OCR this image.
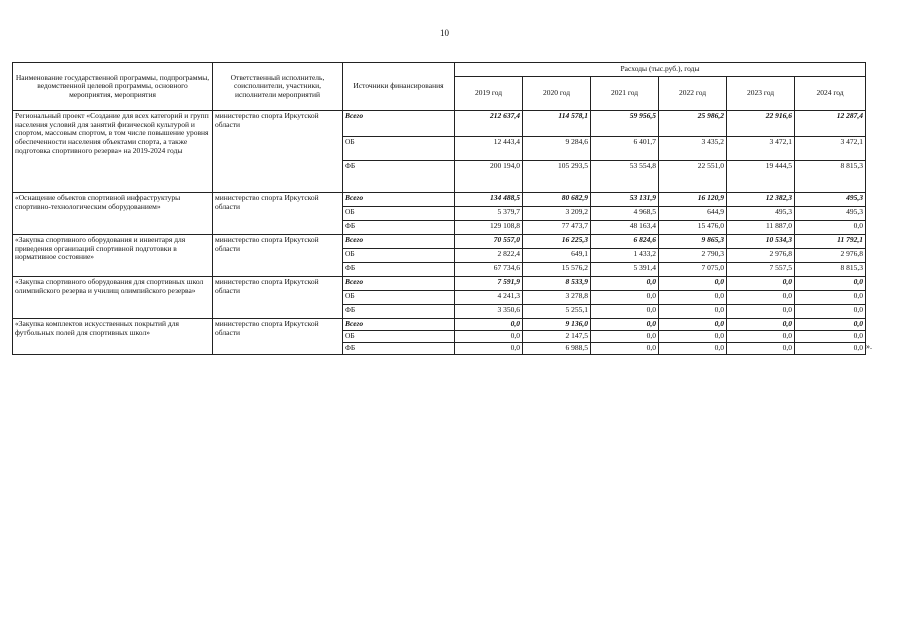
10
Наименование государственной программы, подпрограммы, ведомственной целевой программы, основного мероприятия, мероприятия	Ответственный исполнитель, соисполнители, участники, исполнители мероприятий	Источники финансирования	Расходы (тыс.руб.), годы					
			2019 год	2020 год	2021 год	2022 год	2023 год	2024 год
Региональный проект «Создание для всех категорий и групп населения условий для занятий физической культурой и спортом, массовым спортом, в том числе повышение уровня обеспеченности населения объектами спорта, а также подготовка спортивного резерва» на 2019-2024 годы	министерство спорта Иркутской области	Всего	212 637,4	114 578,1	59 956,5	25 986,2	22 916,6	12 287,4
		ОБ	12 443,4	9 284,6	6 401,7	3 435,2	3 472,1	3 472,1
		ФБ	200 194,0	105 293,5	53 554,8	22 551,0	19 444,5	8 815,3
«Оснащение объектов спортивной инфраструктуры спортивно-технологическим оборудованием»	министерство спорта Иркутской области	Всего	134 488,5	80 682,9	53 131,9	16 120,9	12 382,3	495,3
		ОБ	5 379,7	3 209,2	4 968,5	644,9	495,3	495,3
		ФБ	129 108,8	77 473,7	48 163,4	15 476,0	11 887,0	0,0
«Закупка спортивного оборудования и инвентаря для приведения организаций спортивной подготовки в нормативное состояние»	министерство спорта Иркутской области	Всего	70 557,0	16 225,3	6 824,6	9 865,3	10 534,3	11 792,1
		ОБ	2 822,4	649,1	1 433,2	2 790,3	2 976,8	2 976,8
		ФБ	67 734,6	15 576,2	5 391,4	7 075,0	7 557,5	8 815,3
«Закупка спортивного оборудования для спортивных школ олимпийского резерва и училищ олимпийского резерва»	министерство спорта Иркутской области	Всего	7 591,9	8 533,9	0,0	0,0	0,0	0,0
		ОБ	4 241,3	3 278,8	0,0	0,0	0,0	0,0
		ФБ	3 350,6	5 255,1	0,0	0,0	0,0	0,0
«Закупка комплектов искусственных покрытий для футбольных полей для спортивных школ»	министерство спорта Иркутской области	Всего	0,0	9 136,0	0,0	0,0	0,0	0,0
		ОБ	0,0	2 147,5	0,0	0,0	0,0	0,0
		ФБ	0,0	6 988,5	0,0	0,0	0,0	0,0 ».
